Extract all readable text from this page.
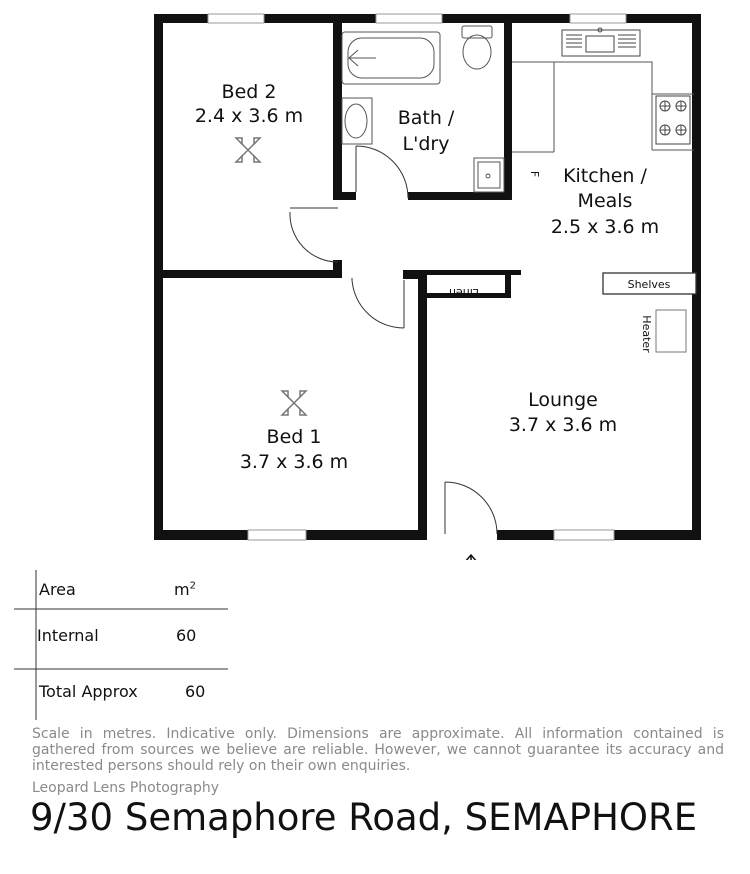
Bed 2
2.4 x 3.6 m	Bath /
L'dry
Kitchen /
Meals
2.5 x 3.6 m
Bed 1
3.7 x 3.6 m
Lounge
3.7 x 3.6 m
Linen
Shelves
Heater
F
Area	$m^2$
Internal	60
Total Approx	60
Scale in metres. Indicative only. Dimensions are approximate. All information contained is gathered from sources we believe are reliable. However, we cannot guarantee its accuracy and interested persons should rely on their own enquiries.
Leopard Lens Photography
9/30 Semaphore Road, SEMAPHORE
